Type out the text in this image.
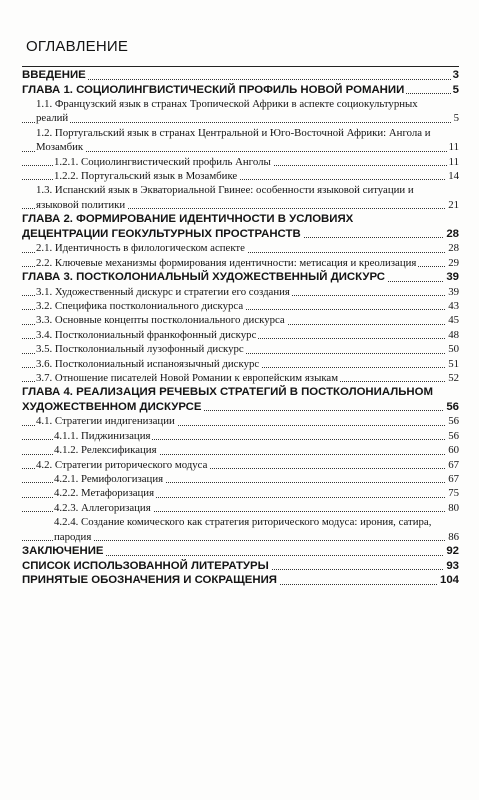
ОГЛАВЛЕНИЕ
ВВЕДЕНИЕ	3
ГЛАВА 1. СОЦИОЛИНГВИСТИЧЕСКИЙ ПРОФИЛЬ НОВОЙ РОМАНИИ	5
1.1. Французский язык в странах Тропической Африки в аспекте социокультурных реалий	5
1.2. Португальский язык в странах Центральной и Юго-Восточной Африки: Ангола и Мозамбик	11
1.2.1. Социолингвистический профиль Анголы	11
1.2.2. Португальский язык в Мозамбике	14
1.3. Испанский язык в Экваториальной Гвинее: особенности языковой ситуации и языковой политики	21
ГЛАВА 2. ФОРМИРОВАНИЕ ИДЕНТИЧНОСТИ В УСЛОВИЯХ ДЕЦЕНТРАЦИИ ГЕОКУЛЬТУРНЫХ ПРОСТРАНСТВ	28
2.1. Идентичность в филологическом аспекте	28
2.2. Ключевые механизмы формирования идентичности: метисация и креолизация	29
ГЛАВА 3. ПОСТКОЛОНИАЛЬНЫЙ ХУДОЖЕСТВЕННЫЙ ДИСКУРС	39
3.1. Художественный дискурс и стратегии его создания	39
3.2. Специфика постколониального дискурса	43
3.3. Основные концепты постколониального дискурса	45
3.4. Постколониальный франкофонный дискурс	48
3.5. Постколониальный лузофонный дискурс	50
3.6. Постколониальный испаноязычный дискурс	51
3.7. Отношение писателей Новой Романии к европейским языкам	52
ГЛАВА 4. РЕАЛИЗАЦИЯ РЕЧЕВЫХ СТРАТЕГИЙ В ПОСТКОЛОНИАЛЬНОМ ХУДОЖЕСТВЕННОМ ДИСКУРСЕ	56
4.1. Стратегии индигенизации	56
4.1.1. Пиджинизация	56
4.1.2. Релексификация	60
4.2. Стратегии риторического модуса	67
4.2.1. Ремифологизация	67
4.2.2. Метафоризация	75
4.2.3. Аллегоризация	80
4.2.4. Создание комического как стратегия риторического модуса: ирония, сатира, пародия	86
ЗАКЛЮЧЕНИЕ	92
СПИСОК ИСПОЛЬЗОВАННОЙ ЛИТЕРАТУРЫ	93
ПРИНЯТЫЕ ОБОЗНАЧЕНИЯ И СОКРАЩЕНИЯ	104
